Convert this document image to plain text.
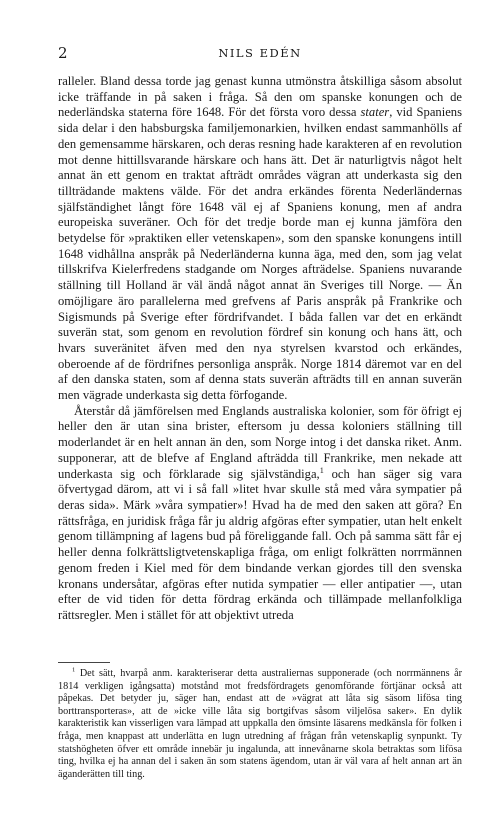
2	NILS EDÉN

ralleler. Bland dessa torde jag genast kunna utmönstra åtskilliga såsom absolut icke träffande in på saken i fråga. Så den om spanske konungen och de nederländska staterna före 1648. För det första voro dessa stater, vid Spaniens sida delar i den habsburgska familjemonarkien, hvilken endast sammanhölls af den gemensamme härskaren, och deras resning hade karakteren af en revolution mot denne hittillsvarande härskare och hans ätt. Det är naturligtvis något helt annat än ett genom en traktat afträdt områdes vägran att underkasta sig den tillträdande maktens välde. För det andra erkändes förenta Nederländernas själfständighet långt före 1648 väl ej af Spaniens konung, men af andra europeiska suveräner. Och för det tredje borde man ej kunna jämföra den betydelse för »praktiken eller vetenskapen», som den spanske konungens intill 1648 vidhållna anspråk på Nederländerna kunna äga, med den, som jag velat tillskrifva Kielerfredens stadgande om Norges afträdelse. Spaniens nuvarande ställning till Holland är väl ändå något annat än Sveriges till Norge. — Än omöjligare äro parallelerna med grefvens af Paris anspråk på Frankrike och Sigismunds på Sverige efter fördrifvandet. I båda fallen var det en erkändt suverän stat, som genom en revolution fördref sin konung och hans ätt, och hvars suveränitet äfven med den nya styrelsen kvarstod och erkändes, oberoende af de fördrifnes personliga anspråk. Norge 1814 däremot var en del af den danska staten, som af denna stats suverän afträdts till en annan suverän men vägrade underkasta sig detta förfogande.

Återstår då jämförelsen med Englands australiska kolonier, som för öfrigt ej heller den är utan sina brister, eftersom ju dessa koloniers ställning till moderlandet är en helt annan än den, som Norge intog i det danska riket. Anm. supponerar, att de blefve af England afträdda till Frankrike, men nekade att underkasta sig och förklarade sig självständiga,$^1$ och han säger sig vara öfvertygad därom, att vi i så fall »litet hvar skulle stå med våra sympatier på deras sida». Märk »våra sympatier»! Hvad ha de med den saken att göra? En rättsfråga, en juridisk fråga får ju aldrig afgöras efter sympatier, utan helt enkelt genom tillämpning af lagens bud på föreliggande fall. Och på samma sätt får ej heller denna folkrättsligtvetenskapliga fråga, om enligt folkrätten norrmännen genom freden i Kiel med för dem bindande verkan gjordes till den svenska kronans undersåtar, afgöras efter nutida sympatier — eller antipatier —, utan efter de vid tiden för detta fördrag erkända och tillämpade mellanfolkliga rättsregler. Men i stället för att objektivt utreda

$^1$ Det sätt, hvarpå anm. karakteriserar detta australiernas supponerade (och norrmännens år 1814 verkligen igångsatta) motstånd mot fredsfördragets genomförande förtjänar också att påpekas. Det betyder ju, säger han, endast att de »vägrat att låta sig säsom lifösa ting borttransporteras», att de »icke ville låta sig bortgifvas såsom viljelösa saker». En dylik karakteristik kan visserligen vara lämpad att uppkalla den ömsinte läsarens medkänsla för folken i fråga, men knappast att underlätta en lugn utredning af frågan från vetenskaplig synpunkt. Ty statshögheten öfver ett område innebär ju ingalunda, att innevånarne skola betraktas som lifösa ting, hvilka ej ha annan del i saken än som statens ägendom, utan är väl vara af helt annan art än äganderätten till ting.
